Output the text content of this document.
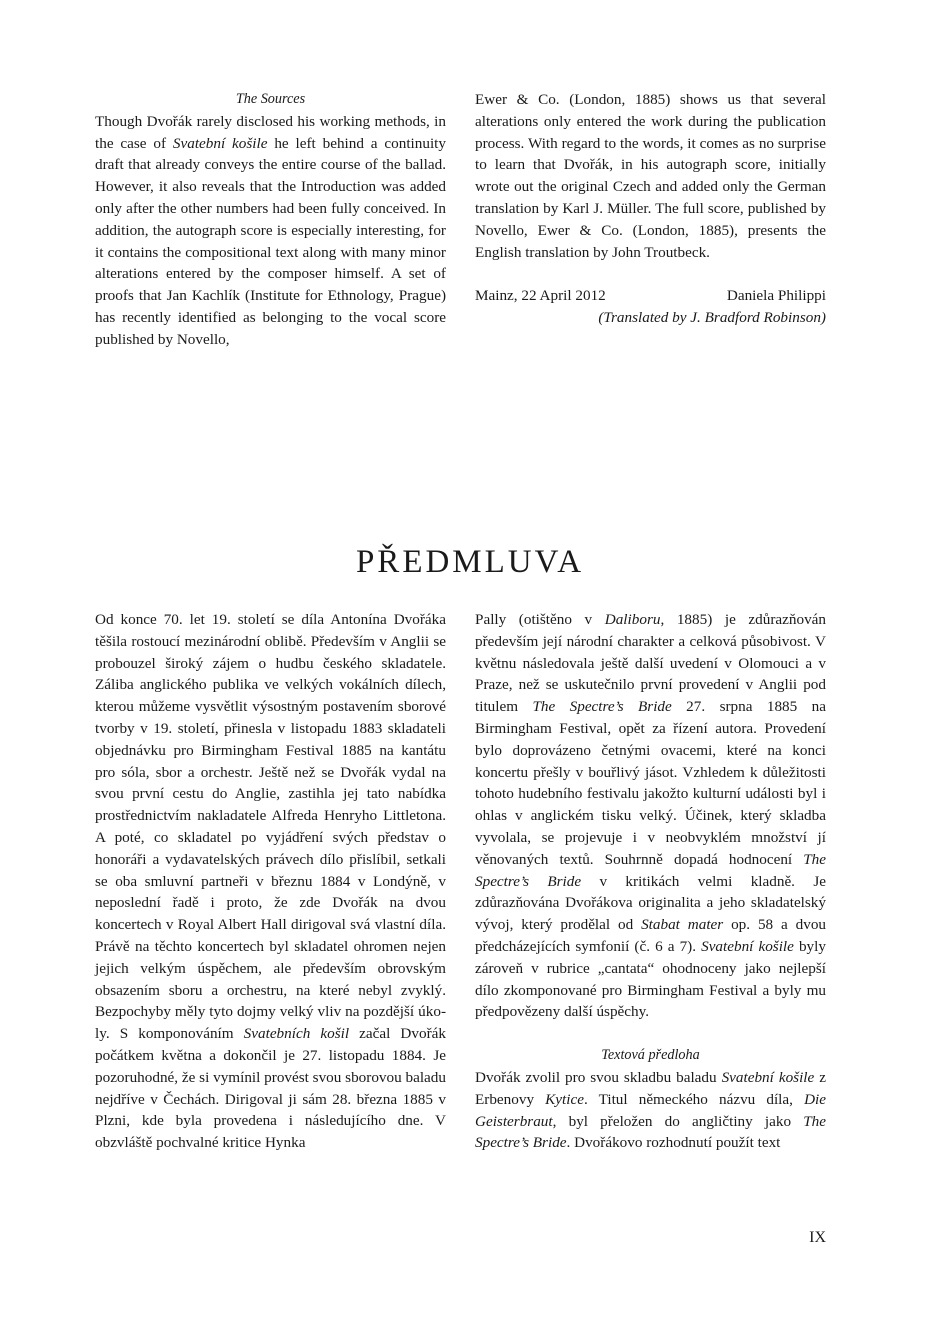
The Sources

Though Dvořák rarely disclosed his working methods, in the case of Svatební košile he left behind a continuity draft that already conveys the entire course of the ballad. However, it also reveals that the Introduction was added only after the other numbers had been fully conceived. In addition, the autograph score is especially interesting, for it contains the compositional text along with many minor alterations entered by the composer himself. A set of proofs that Jan Kachlík (Institute for Ethnology, Prague) has recently identified as belonging to the vocal score published by Novello,

Ewer & Co. (London, 1885) shows us that several alterations only entered the work during the publication process. With regard to the words, it comes as no surprise to learn that Dvořák, in his autograph score, initially wrote out the original Czech and added only the German translation by Karl J. Müller. The full score, published by Novello, Ewer & Co. (London, 1885), presents the English translation by John Troutbeck.

Mainz, 22 April 2012	Daniela Philippi

(Translated by J. Bradford Robinson)

PŘEDMLUVA

Od konce 70. let 19. století se díla Antonína Dvořáka těšila rostoucí mezinárodní oblibě. Především v Anglii se probouzel široký zájem o hudbu českého skladatele. Záliba anglického publika ve velkých vokálních dílech, kterou můžeme vysvětlit výsostným postavením sborové tvorby v 19. století, přinesla v listopadu 1883 skladateli objednávku pro Birmingham Festival 1885 na kantátu pro sóla, sbor a orchestr. Ještě než se Dvořák vydal na svou první cestu do Anglie, zastihla jej tato nabídka prostřednictvím nakladatele Alfreda Henryho Littletona. A poté, co skladatel po vyjádření svých představ o honoráři a vydavatelských právech dílo přislíbil, setkali se oba smluvní partneři v březnu 1884 v Londýně, v neposlední řadě i proto, že zde Dvořák na dvou koncertech v Royal Albert Hall dirigoval svá vlastní díla. Právě na těchto koncertech byl skladatel ohromen nejen jejich velkým úspěchem, ale především obrovským obsazením sboru a orchestru, na které nebyl zvyklý. Bezpochyby měly tyto dojmy velký vliv na pozdější úkoly. S komponováním Svatebních košil začal Dvořák počátkem května a dokončil je 27. listopadu 1884. Je pozoruhodné, že si vymínil provést svou sborovou baladu nejdříve v Čechách. Dirigoval ji sám 28. března 1885 v Plzni, kde byla provedena i následujícího dne. V obzvláště pochvalné kritice Hynka

Pally (otištěno v Daliboru, 1885) je zdůrazňován především její národní charakter a celková působivost. V květnu následovala ještě další uvedení v Olomouci a v Praze, než se uskutečnilo první provedení v Anglii pod titulem The Spectre’s Bride 27. srpna 1885 na Birmingham Festival, opět za řízení autora. Provedení bylo doprovázeno četnými ovacemi, které na konci koncertu přešly v bouřlivý jásot. Vzhledem k důležitosti tohoto hudebního festivalu jakožto kulturní události byl i ohlas v anglickém tisku velký. Účinek, který skladba vyvolala, se projevuje i v neobvyklém množství jí věnovaných textů. Souhrnně dopadá hodnocení The Spectre’s Bride v kritikách velmi kladně. Je zdůrazňována Dvořákova originalita a jeho skladatelský vývoj, který prodělal od Stabat mater op. 58 a dvou předcházejících symfonií (č. 6 a 7). Svatební košile byly zároveň v rubrice „cantata“ ohodnoceny jako nejlepší dílo zkomponované pro Birmingham Festival a byly mu předpovězeny další úspěchy.

Textová předloha

Dvořák zvolil pro svou skladbu baladu Svatební košile z Erbenovy Kytice. Titul německého názvu díla, Die Geisterbraut, byl přeložen do angličtiny jako The Spectre’s Bride. Dvořákovo rozhodnutí použít text

IX
